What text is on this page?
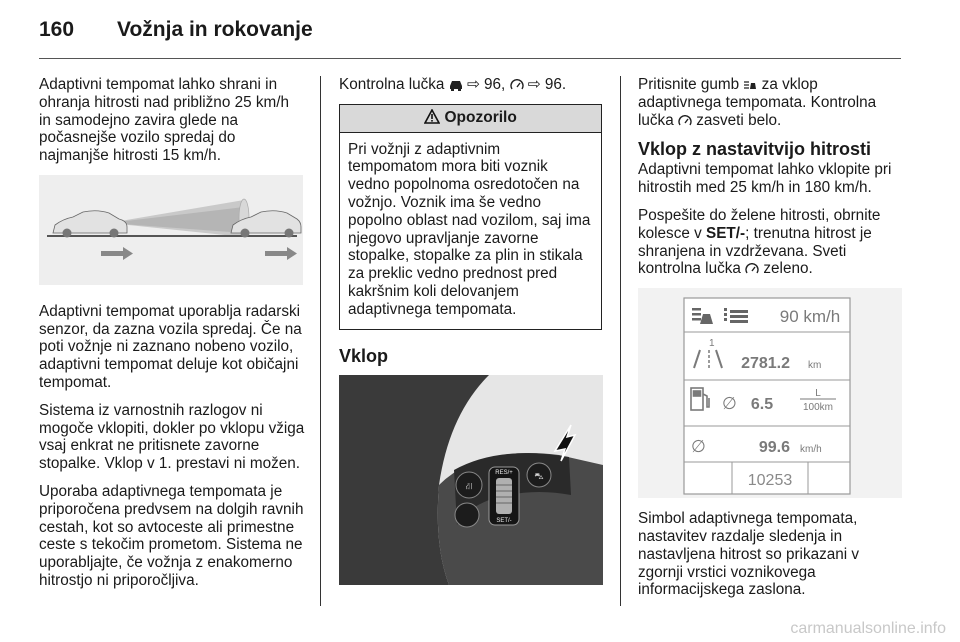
160 Vožnja in rokovanje

Adaptivni tempomat lahko shrani in ohranja hitrosti nad približno 25 km/h in samodejno zavira glede na počasnejše vozilo spredaj do najmanjše hitrosti 15 km/h.

Adaptivni tempomat uporablja radarski senzor, da zazna vozila spredaj. Če na poti vožnje ni zaznano nobeno vozilo, adaptivni tempomat deluje kot običajni tempomat.

Sistema iz varnostnih razlogov ni mogoče vklopiti, dokler po vklopu vžiga vsaj enkrat ne pritisnete zavorne stopalke. Vklop v 1. prestavi ni možen.

Uporaba adaptivnega tempomata je priporočena predvsem na dolgih ravnih cestah, kot so avtoceste ali primestne ceste s tekočim prometom. Sistema ne uporabljajte, če vožnja z enakomerno hitrostjo ni priporočljiva.

Kontrolna lučka ⇨ 96, ⇨ 96.
Opozorilo
Pri vožnji z adaptivnim tempomatom mora biti voznik vedno popolnoma osredotočen na vožnjo. Voznik ima še vedno popolno oblast nad vozilom, saj ima njegovo upravljanje zavorne stopalke, stopalke za plin in stikala za preklic vedno prednost pred kakršnim koli delovanjem adaptivnega tempomata.
Vklop
⛜
RES/+
SET/-
⛍

Pritisnite gumb za vklop adaptivnega tempomata. Kontrolna lučka zasveti belo.

Vklop z nastavitvijo hitrosti

Adaptivni tempomat lahko vklopite pri hitrostih med 25 km/h in 180 km/h.

Pospešite do želene hitrosti, obrnite kolesce v SET/-; trenutna hitrost je shranjena in vzdrževana. Sveti kontrolna lučka zeleno.

90 km/h
1
2781.2 km
∅ 6.5
L
100km
∅	99.6 km/h
10253

Simbol adaptivnega tempomata, nastavitev razdalje sledenja in nastavljena hitrost so prikazani v zgornji vrstici voznikovega informacijskega zaslona.

carmanualsonline.info
